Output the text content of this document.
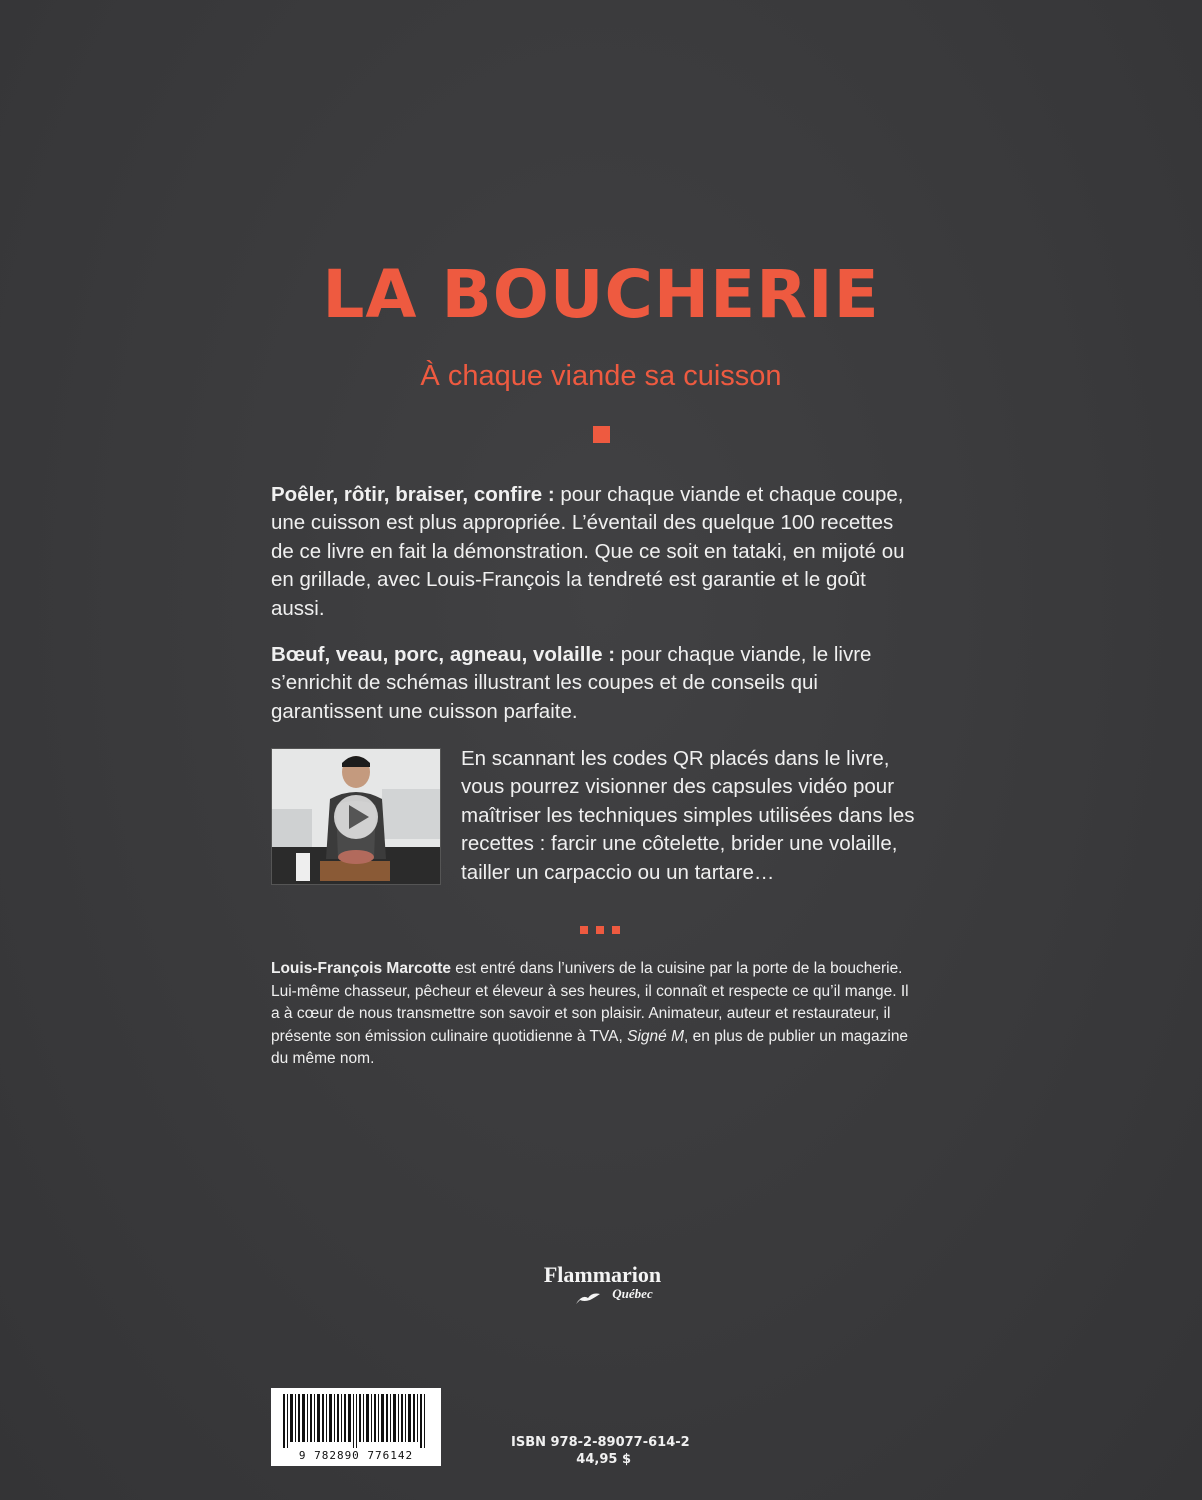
LA BOUCHERIE
À chaque viande sa cuisson
Poêler, rôtir, braiser, confire : pour chaque viande et chaque coupe, une cuisson est plus appropriée. L’éventail des quelque 100 recettes de ce livre en fait la démonstration. Que ce soit en tataki, en mijoté ou en grillade, avec Louis-François la tendreté est garantie et le goût aussi.
Bœuf, veau, porc, agneau, volaille : pour chaque viande, le livre s’enrichit de schémas illustrant les coupes et de conseils qui garantissent une cuisson parfaite.
En scannant les codes QR placés dans le livre, vous pourrez visionner des capsules vidéo pour maîtriser les techniques simples utilisées dans les recettes : farcir une côtelette, brider une volaille, tailler un carpaccio ou un tartare…
Louis-François Marcotte est entré dans l’univers de la cuisine par la porte de la boucherie. Lui-même chasseur, pêcheur et éleveur à ses heures, il connaît et respecte ce qu’il mange. Il a à cœur de nous transmettre son savoir et son plaisir. Animateur, auteur et restaurateur, il présente son émission culinaire quotidienne à TVA, Signé M, en plus de publier un magazine du même nom.
Flammarion
Québec
9 782890 776142
ISBN 978-2-89077-614-2
44,95 $
